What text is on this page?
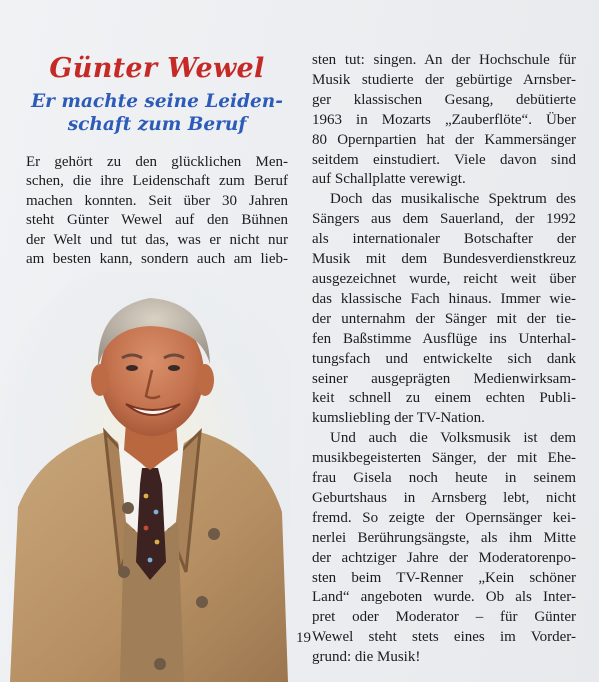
Günter Wewel
Er machte seine Leiden-
schaft zum Beruf
Er gehört zu den glücklichen Men-
schen, die ihre Leidenschaft zum Beruf
machen konnten. Seit über 30 Jahren
steht Günter Wewel auf den Bühnen
der Welt und tut das, was er nicht nur
am besten kann, sondern auch am lieb-
sten tut: singen. An der Hochschule für
Musik studierte der gebürtige Arnsber-
ger klassischen Gesang, debütierte
1963 in Mozarts „Zauberflöte“. Über
80 Opernpartien hat der Kammersänger
seitdem einstudiert. Viele davon sind
auf Schallplatte verewigt.
Doch das musikalische Spektrum des
Sängers aus dem Sauerland, der 1992
als internationaler Botschafter der
Musik mit dem Bundesverdienstkreuz
ausgezeichnet wurde, reicht weit über
das klassische Fach hinaus. Immer wie-
der unternahm der Sänger mit der tie-
fen Baßstimme Ausflüge ins Unterhal-
tungsfach und entwickelte sich dank
seiner ausgeprägten Medienwirksam-
keit schnell zu einem echten Publi-
kumsliebling der TV-Nation.
Und auch die Volksmusik ist dem
musikbegeisterten Sänger, der mit Ehe-
frau Gisela noch heute in seinem
Geburtshaus in Arnsberg lebt, nicht
fremd. So zeigte der Opernsänger kei-
nerlei Berührungsängste, als ihm Mitte
der achtziger Jahre der Moderatorenpo-
sten beim TV-Renner „Kein schöner
Land“ angeboten wurde. Ob als Inter-
pret oder Moderator – für Günter
Wewel steht stets eines im Vorder-
grund: die Musik!
19
